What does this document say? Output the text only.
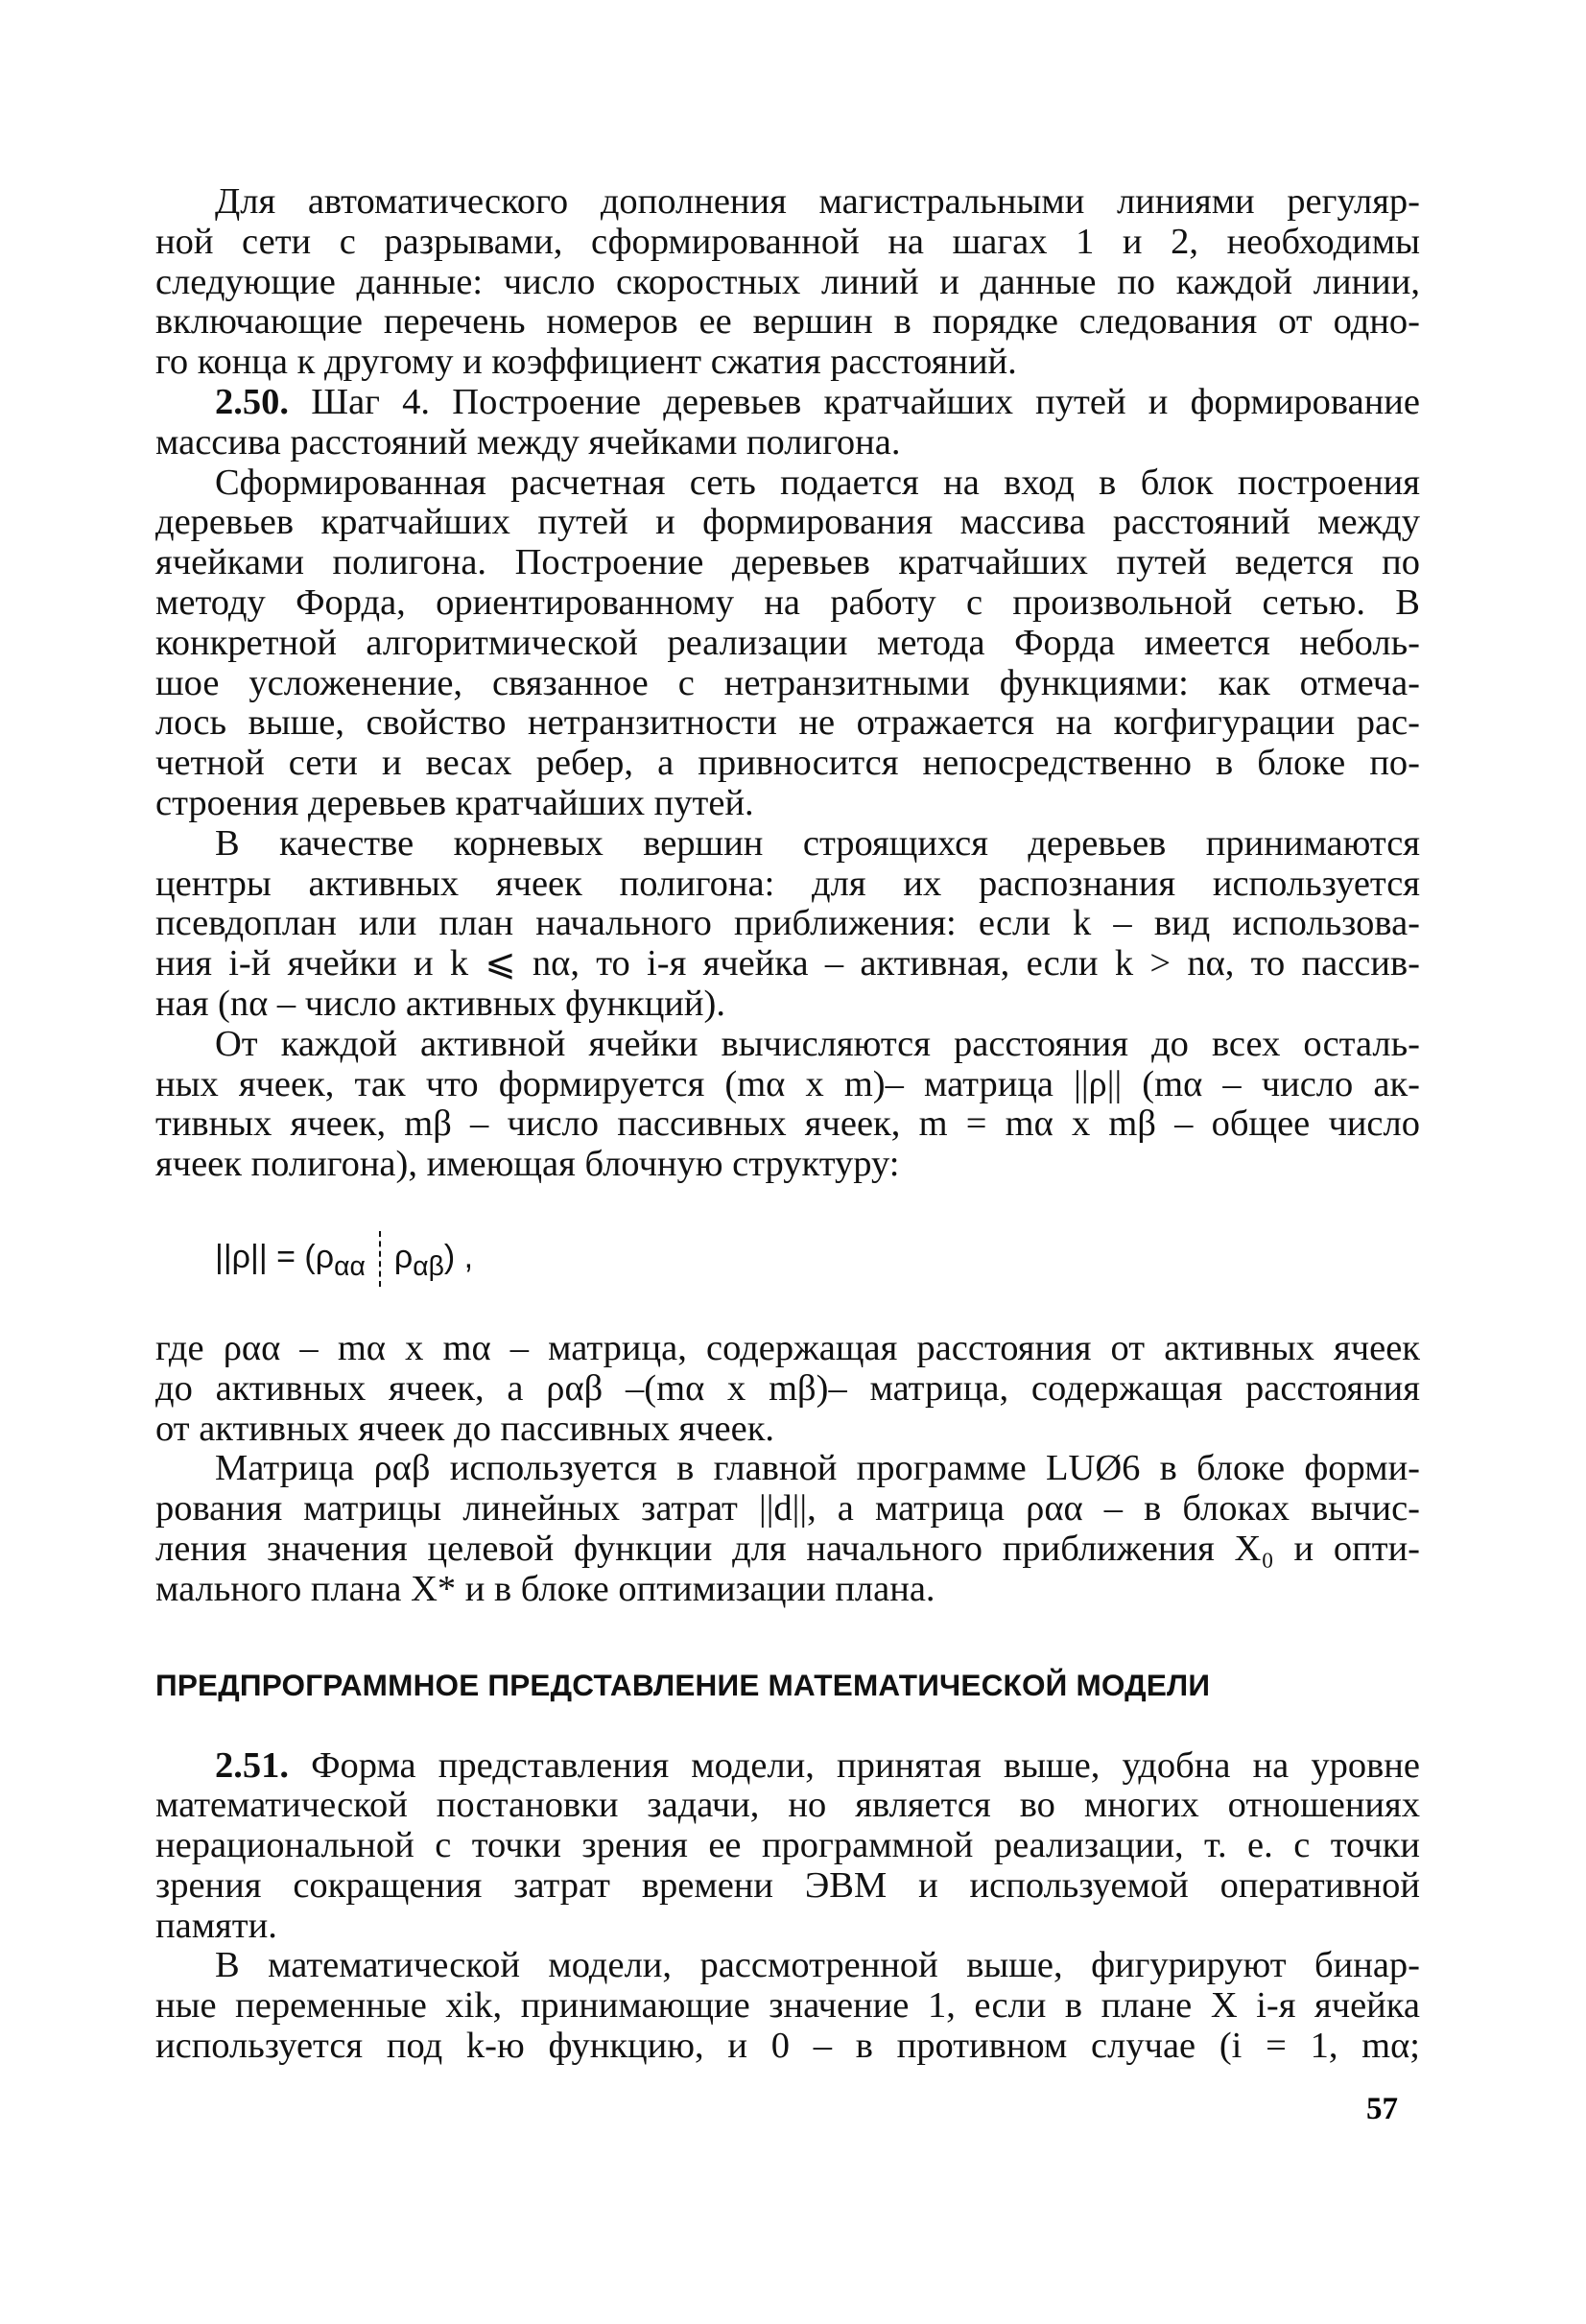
Для автоматического дополнения магистральными линиями регуляр-
ной сети с разрывами, сформированной на шагах 1 и 2, необходимы
следующие данные: число скоростных линий и данные по каждой линии,
включающие перечень номеров ее вершин в порядке следования от одно-
го конца к другому и коэффициент сжатия расстояний.

2.50. Шаг 4. Построение деревьев кратчайших путей и формирование
массива расстояний между ячейками полигона.

Сформированная расчетная сеть подается на вход в блок построения
деревьев кратчайших путей и формирования массива расстояний между
ячейками полигона. Построение деревьев кратчайших путей ведется по
методу Форда, ориентированному на работу с произвольной сетью. В
конкретной алгоритмической реализации метода Форда имеется неболь-
шое усложенение, связанное с нетранзитными функциями: как отмеча-
лось выше, свойство нетранзитности не отражается на когфигурации рас-
четной сети и весах ребер, а привносится непосредственно в блоке по-
строения деревьев кратчайших путей.

В качестве корневых вершин строящихся деревьев принимаются
центры активных ячеек полигона: для их распознания используется
псевдоплан или план начального приближения: если k – вид использова-
ния i-й ячейки и k ⩽ nα, то i-я ячейка – активная, если k > nα, то пассив-
ная (nα – число активных функций).

От каждой активной ячейки вычисляются расстояния до всех осталь-
ных ячеек, так что формируется (mα x m)– матрица ||ρ|| (mα – число ак-
тивных ячеек, mβ – число пассивных ячеек, m = mα x mβ – общее число
ячеек полигона), имеющая блочную структуру:

$||\rho|| = (\rho_{\alpha\alpha}$ $\rho_{\alpha\beta}$) ,

где ραα – mα x mα – матрица, содержащая расстояния от активных ячеек
до активных ячеек, а ραβ –(mα x mβ)– матрица, содержащая расстояния
от активных ячеек до пассивных ячеек.

Матрица ραβ используется в главной программе LUØ6 в блоке форми-
рования матрицы линейных затрат ||d||, а матрица ραα – в блоках вычис-
ления значения целевой функции для начального приближения X₀ и опти-
мального плана X* и в блоке оптимизации плана.

ПРЕДПРОГРАММНОЕ ПРЕДСТАВЛЕНИЕ МАТЕМАТИЧЕСКОЙ МОДЕЛИ

2.51. Форма представления модели, принятая выше, удобна на уровне
математической постановки задачи, но является во многих отношениях
нерациональной с точки зрения ее программной реализации, т. е. с точки
зрения сокращения затрат времени ЭВМ и используемой оперативной
памяти.

В математической модели, рассмотренной выше, фигурируют бинар-
ные переменные xik, принимающие значение 1, если в плане X i-я ячейка
используется под k-ю функцию, и 0 – в противном случае (i = 1, mα;

57
